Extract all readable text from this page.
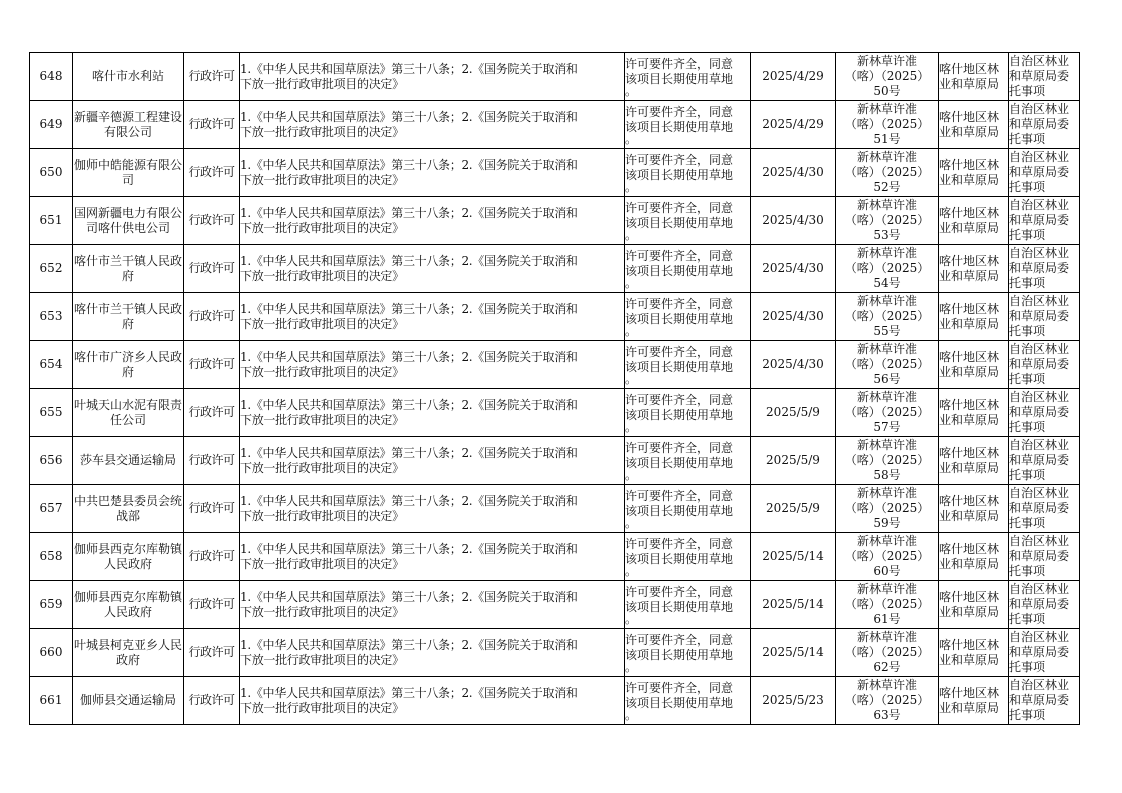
648	喀什市水利站	行政许可	1.《中华人民共和国草原法》第三十八条；2.《国务院关于取消和
下放一批行政审批项目的决定》	许可要件齐全，同意
该项目长期使用草地
。	2025/4/29	新林草许准
（喀）（2025）
50号	喀什地区林
业和草原局	自治区林业
和草原局委
托事项

649	新疆辛德源工程建设有限公司	行政许可	1.《中华人民共和国草原法》第三十八条；2.《国务院关于取消和
下放一批行政审批项目的决定》	许可要件齐全，同意
该项目长期使用草地
。	2025/4/29	新林草许准
（喀）（2025）
51号	喀什地区林
业和草原局	自治区林业
和草原局委
托事项

650	伽师中皓能源有限公司	行政许可	1.《中华人民共和国草原法》第三十八条；2.《国务院关于取消和
下放一批行政审批项目的决定》	许可要件齐全，同意
该项目长期使用草地
。	2025/4/30	新林草许准
（喀）（2025）
52号	喀什地区林
业和草原局	自治区林业
和草原局委
托事项

651	国网新疆电力有限公司喀什供电公司	行政许可	1.《中华人民共和国草原法》第三十八条；2.《国务院关于取消和
下放一批行政审批项目的决定》	许可要件齐全，同意
该项目长期使用草地
。	2025/4/30	新林草许准
（喀）（2025）
53号	喀什地区林
业和草原局	自治区林业
和草原局委
托事项

652	喀什市兰干镇人民政府	行政许可	1.《中华人民共和国草原法》第三十八条；2.《国务院关于取消和
下放一批行政审批项目的决定》	许可要件齐全，同意
该项目长期使用草地
。	2025/4/30	新林草许准
（喀）（2025）
54号	喀什地区林
业和草原局	自治区林业
和草原局委
托事项

653	喀什市兰干镇人民政府	行政许可	1.《中华人民共和国草原法》第三十八条；2.《国务院关于取消和
下放一批行政审批项目的决定》	许可要件齐全，同意
该项目长期使用草地
。	2025/4/30	新林草许准
（喀）（2025）
55号	喀什地区林
业和草原局	自治区林业
和草原局委
托事项

654	喀什市广济乡人民政府	行政许可	1.《中华人民共和国草原法》第三十八条；2.《国务院关于取消和
下放一批行政审批项目的决定》	许可要件齐全，同意
该项目长期使用草地
。	2025/4/30	新林草许准
（喀）（2025）
56号	喀什地区林
业和草原局	自治区林业
和草原局委
托事项

655	叶城天山水泥有限责任公司	行政许可	1.《中华人民共和国草原法》第三十八条；2.《国务院关于取消和
下放一批行政审批项目的决定》	许可要件齐全，同意
该项目长期使用草地
。	2025/5/9	新林草许准
（喀）（2025）
57号	喀什地区林
业和草原局	自治区林业
和草原局委
托事项

656	莎车县交通运输局	行政许可	1.《中华人民共和国草原法》第三十八条；2.《国务院关于取消和
下放一批行政审批项目的决定》	许可要件齐全，同意
该项目长期使用草地
。	2025/5/9	新林草许准
（喀）（2025）
58号	喀什地区林
业和草原局	自治区林业
和草原局委
托事项

657	中共巴楚县委员会统战部	行政许可	1.《中华人民共和国草原法》第三十八条；2.《国务院关于取消和
下放一批行政审批项目的决定》	许可要件齐全，同意
该项目长期使用草地
。	2025/5/9	新林草许准
（喀）（2025）
59号	喀什地区林
业和草原局	自治区林业
和草原局委
托事项

658	伽师县西克尔库勒镇
人民政府	行政许可	1.《中华人民共和国草原法》第三十八条；2.《国务院关于取消和
下放一批行政审批项目的决定》	许可要件齐全，同意
该项目长期使用草地
。	2025/5/14	新林草许准
（喀）（2025）
60号	喀什地区林
业和草原局	自治区林业
和草原局委
托事项

659	伽师县西克尔库勒镇人民政府	行政许可	1.《中华人民共和国草原法》第三十八条；2.《国务院关于取消和
下放一批行政审批项目的决定》	许可要件齐全，同意
该项目长期使用草地
。	2025/5/14	新林草许准
（喀）（2025）
61号	喀什地区林
业和草原局	自治区林业
和草原局委
托事项

660	叶城县柯克亚乡人民政府	行政许可	1.《中华人民共和国草原法》第三十八条；2.《国务院关于取消和
下放一批行政审批项目的决定》	许可要件齐全，同意
该项目长期使用草地
。	2025/5/14	新林草许准
（喀）（2025）
62号	喀什地区林
业和草原局	自治区林业
和草原局委
托事项

661	伽师县交通运输局	行政许可	1.《中华人民共和国草原法》第三十八条；2.《国务院关于取消和
下放一批行政审批项目的决定》	许可要件齐全，同意
该项目长期使用草地
。	2025/5/23	新林草许准
（喀）（2025）
63号	喀什地区林
业和草原局	自治区林业
和草原局委
托事项
